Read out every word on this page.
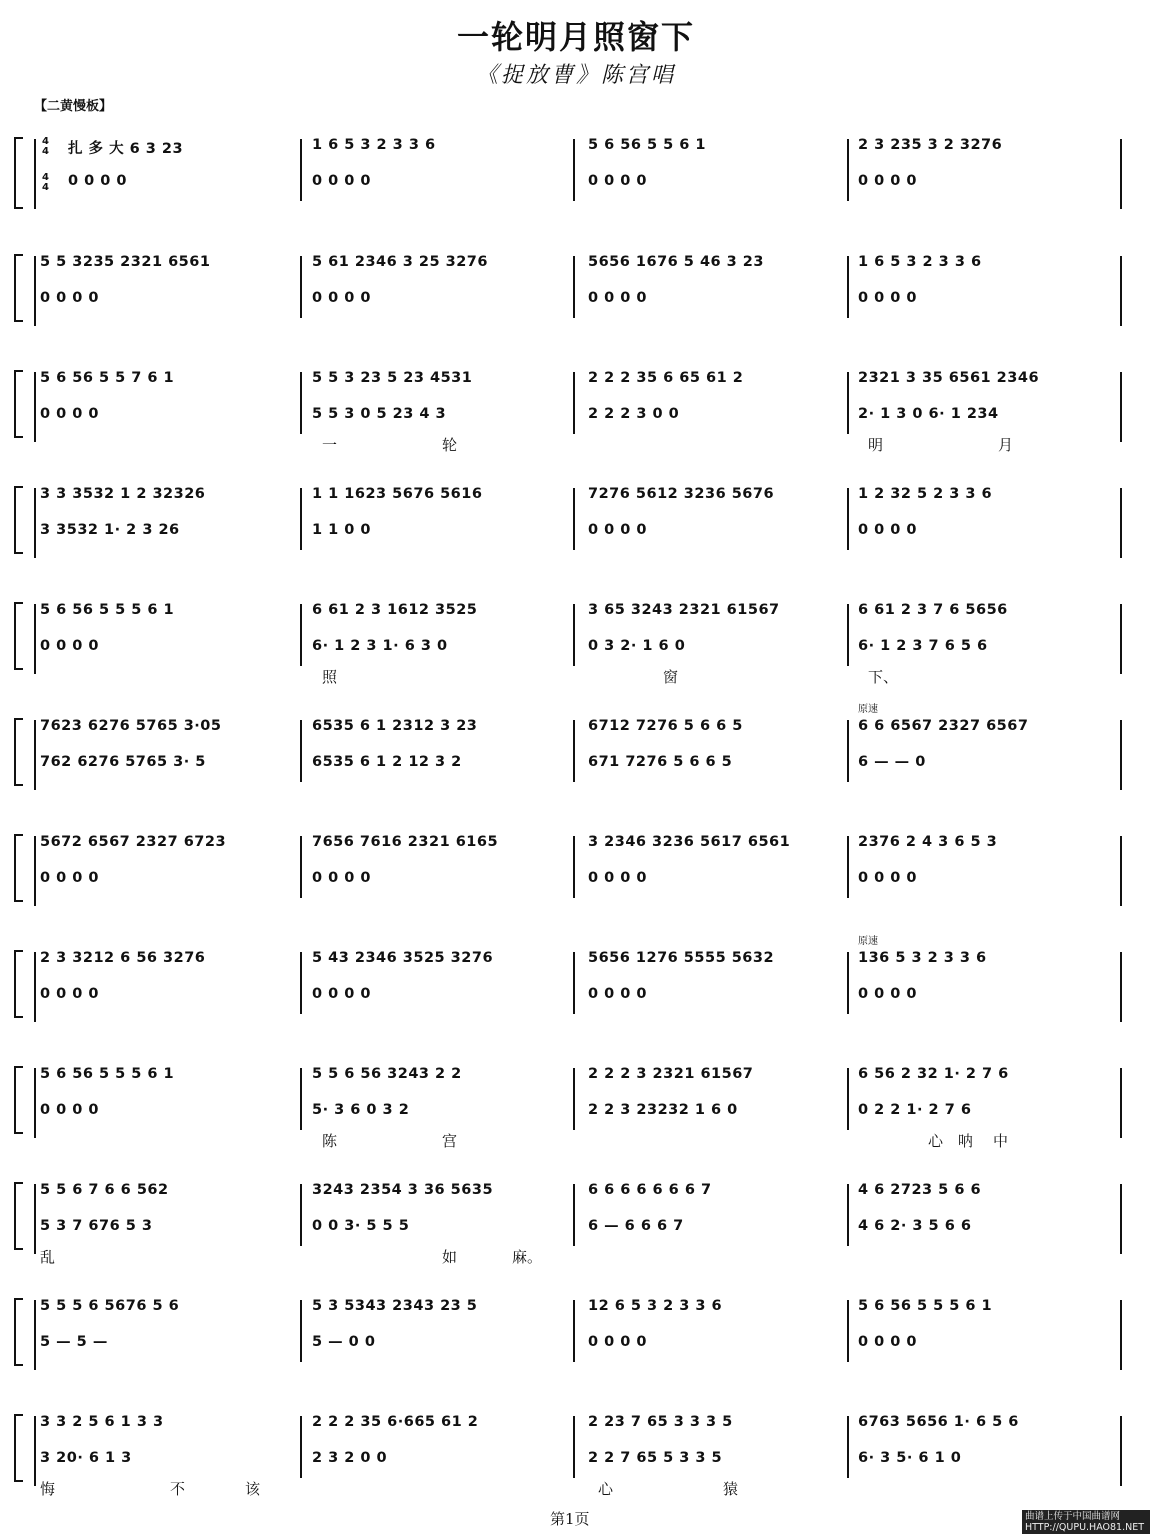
一轮明月照窗下
《捉放曹》陈宫唱
【二黄慢板】
4
4
4
4
扎 多 大 6 3 23	1 6 5 3 2 3 3 6	5 6 56 5 5 6 1	2 3 235 3 2 3276
0 0 0 0	0 0 0 0	0 0 0 0	0 0 0 0
5 5 3235 2321 6561	5 61 2346 3 25 3276	5656 1676 5 46 3 23	1 6 5 3 2 3 3 6
0 0 0 0	0 0 0 0	0 0 0 0	0 0 0 0
5 6 56 5 5 7 6 1	5 5 3 23 5 23 4531	2 2 2 35 6 65 61 2	2321 3 35 6561 2346
0 0 0 0	5 5 3 0 5 23 4 3	2 2 2 3 0 0	2· 1 3 0 6· 1 234
一	轮	明	月
3 3 3532 1 2 32326	1 1 1623 5676 5616	7276 5612 3236 5676	1 2 32 5 2 3 3 6
3 3532 1· 2 3 26	1 1 0 0	0 0 0 0	0 0 0 0
5 6 56 5 5 5 6 1	6 61 2 3 1612 3525	3 65 3243 2321 61567	6 61 2 3 7 6 5656
0 0 0 0	6· 1 2 3 1· 6 3 0	0 3 2· 1 6 0	6· 1 2 3 7 6 5 6
照	窗	下、
7623 6276 5765 3·05	6535 6 1 2312 3 23	6712 7276 5 6 6 5	6 6 6567 2327 6567
762 6276 5765 3· 5	6535 6 1 2 12 3 2	671 7276 5 6 6 5	6 — — 0
原速
5672 6567 2327 6723	7656 7616 2321 6165	3 2346 3236 5617 6561	2376 2 4 3 6 5 3
0 0 0 0	0 0 0 0	0 0 0 0	0 0 0 0
2 3 3212 6 56 3276	5 43 2346 3525 3276	5656 1276 5555 5632	136 5 3 2 3 3 6
0 0 0 0	0 0 0 0	0 0 0 0	0 0 0 0
原速
5 6 56 5 5 5 6 1	5 5 6 56 3243 2 2	2 2 2 3 2321 61567	6 56 2 32 1· 2 7 6
0 0 0 0	5· 3 6 0 3 2	2 2 3 23232 1 6 0	0 2 2 1· 2 7 6
陈	宫	心 呐 中
5 5 6 7 6 6 562	3243 2354 3 36 5635	6 6 6 6 6 6 6 7	4 6 2723 5 6 6
5 3 7 676 5 3	0 0 3· 5 5 5	6 — 6 6 6 7	4 6 2· 3 5 6 6
乱	如	麻。
5 5 5 6 5676 5 6	5 3 5343 2343 23 5	12 6 5 3 2 3 3 6	5 6 56 5 5 5 6 1
5 — 5 —	5 — 0 0	0 0 0 0	0 0 0 0
3 3 2 5 6 1 3 3	2 2 2 35 6·665 61 2	2 23 7 65 3 3 3 5	6763 5656 1· 6 5 6
3 20· 6 1 3	2 3 2 0 0	2 2 7 65 5 3 3 5	6· 3 5· 6 1 0
悔	不	该	心	猿
第1页	曲谱上传于中国曲谱网 HTTP://QUPU.HAO81.NET
